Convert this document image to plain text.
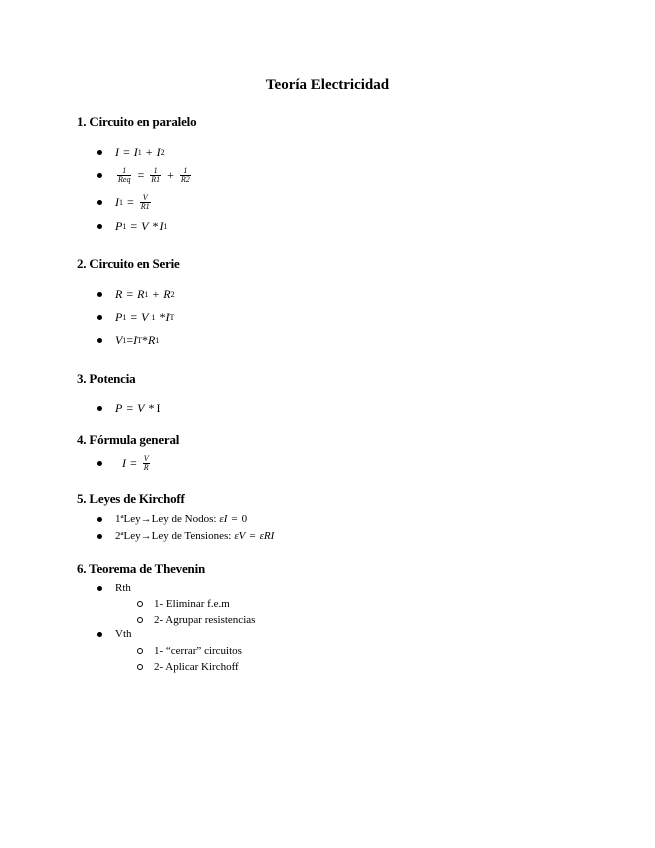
Teoría Electricidad
1. Circuito en paralelo
I = I 1 + I 2
$\frac{1}{\text{Req}} = \frac{1}{R1} + \frac{1}{R2}$
I $1 = \frac{V}{R1}$
P 1 = V * I 1
2. Circuito en Serie
R = R 1 + R 2
P 1 = V 1 * I T
V 1 = I T * R 1
3. Potencia
P = V * I
4. Fórmula general
$I = \frac{V}{R}$
5. Leyes de Kirchoff
1ªLey→Ley de Nodos: εI = 0
2ªLey→Ley de Tensiones: εV = εRI
6. Teorema de Thevenin
Rth
1- Eliminar f.e.m
2- Agrupar resistencias
Vth
1- “cerrar” circuitos
2- Aplicar Kirchoff
